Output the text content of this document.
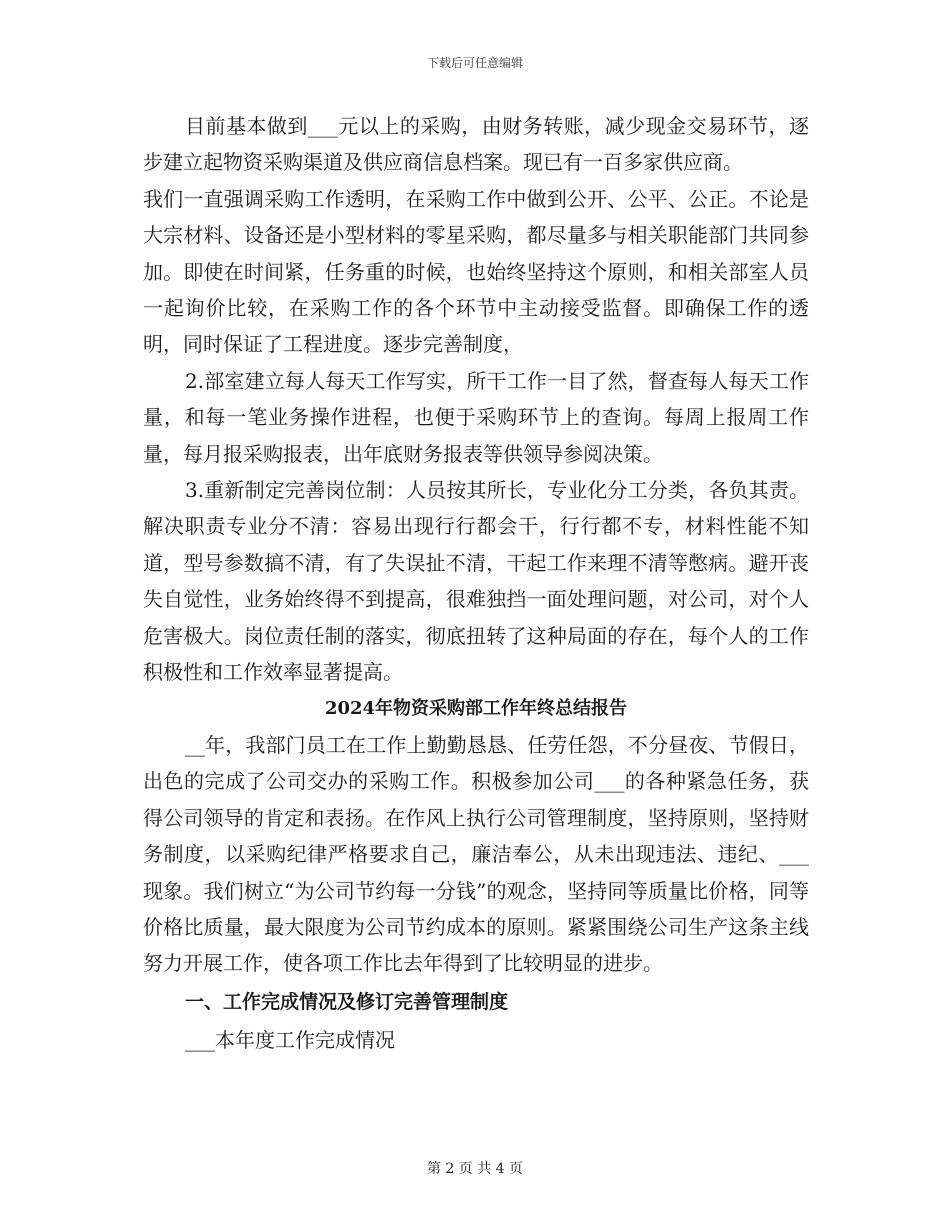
下载后可任意编辑

目前基本做到___元以上的采购，由财务转账，减少现金交易环节，逐步建立起物资采购渠道及供应商信息档案。现已有一百多家供应商。

我们一直强调采购工作透明，在采购工作中做到公开、公平、公正。不论是大宗材料、设备还是小型材料的零星采购，都尽量多与相关职能部门共同参加。即使在时间紧，任务重的时候，也始终坚持这个原则，和相关部室人员一起询价比较，在采购工作的各个环节中主动接受监督。即确保工作的透明，同时保证了工程进度。逐步完善制度，

2.部室建立每人每天工作写实，所干工作一目了然，督查每人每天工作量，和每一笔业务操作进程，也便于采购环节上的查询。每周上报周工作量，每月报采购报表，出年底财务报表等供领导参阅决策。

3.重新制定完善岗位制：人员按其所长，专业化分工分类，各负其责。解决职责专业分不清：容易出现行行都会干，行行都不专，材料性能不知道，型号参数搞不清，有了失误扯不清，干起工作来理不清等憋病。避开丧失自觉性，业务始终得不到提高，很难独挡一面处理问题，对公司，对个人危害极大。岗位责任制的落实，彻底扭转了这种局面的存在，每个人的工作积极性和工作效率显著提高。

2024年物资采购部工作年终总结报告

__年，我部门员工在工作上勤勤恳恳、任劳任怨，不分昼夜、节假日，出色的完成了公司交办的采购工作。积极参加公司___的各种紧急任务，获得公司领导的肯定和表扬。在作风上执行公司管理制度，坚持原则，坚持财务制度，以采购纪律严格要求自己，廉洁奉公，从未出现违法、违纪、___现象。我们树立“为公司节约每一分钱”的观念，坚持同等质量比价格，同等价格比质量，最大限度为公司节约成本的原则。紧紧围绕公司生产这条主线努力开展工作，使各项工作比去年得到了比较明显的进步。

一、工作完成情况及修订完善管理制度

___本年度工作完成情况

第 2 页 共 4 页
